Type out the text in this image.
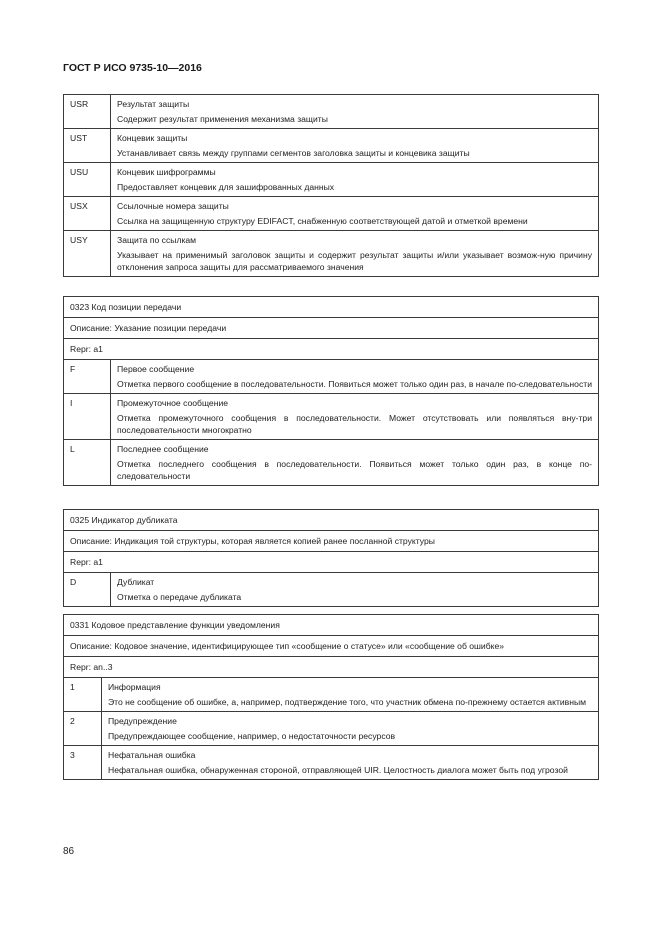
ГОСТ Р ИСО 9735-10—2016
USR	Результат защиты
Содержит результат применения механизма защиты

UST	Концевик защиты
Устанавливает связь между группами сегментов заголовка защиты и концевика защиты

USU	Концевик шифрограммы
Предоставляет концевик для зашифрованных данных

USX	Ссылочные номера защиты
Ссылка на защищенную структуру EDIFACT, снабженную соответствующей датой и отметкой времени

USY	Защита по ссылкам
Указывает на применимый заголовок защиты и содержит результат защиты и/или указывает возмож-ную причину отклонения запроса защиты для рассматриваемого значения
0323 Код позиции передачи	
Описание: Указание позиции передачи	
Repr: a1	
F	Первое сообщение
Отметка первого сообщение в последовательности. Появиться может только один раз, в начале по-следовательности

I	Промежуточное сообщение
Отметка промежуточного сообщения в последовательности. Может отсутствовать или появляться вну-три последовательности многократно

L	Последнее сообщение
Отметка последнего сообщения в последовательности. Появиться может только один раз, в конце по-следовательности
0325 Индикатор дубликата
Описание: Индикация той структуры, которая является копией ранее посланной структуры
Repr: a1
D	Дубликат
Отметка о передаче дубликата
0331 Кодовое представление функции уведомления	
Описание: Кодовое значение, идентифицирующее тип «сообщение о статусе» или «сообщение об ошибке»	
Repr: an..3	
1	Информация
Это не сообщение об ошибке, а, например, подтверждение того, что участник обмена по-прежнему остается активным

2	Предупреждение
Предупреждающее сообщение, например, о недостаточности ресурсов

3	Нефатальная ошибка
Нефатальная ошибка, обнаруженная стороной, отправляющей UIR. Целостность диалога может быть под угрозой
86
